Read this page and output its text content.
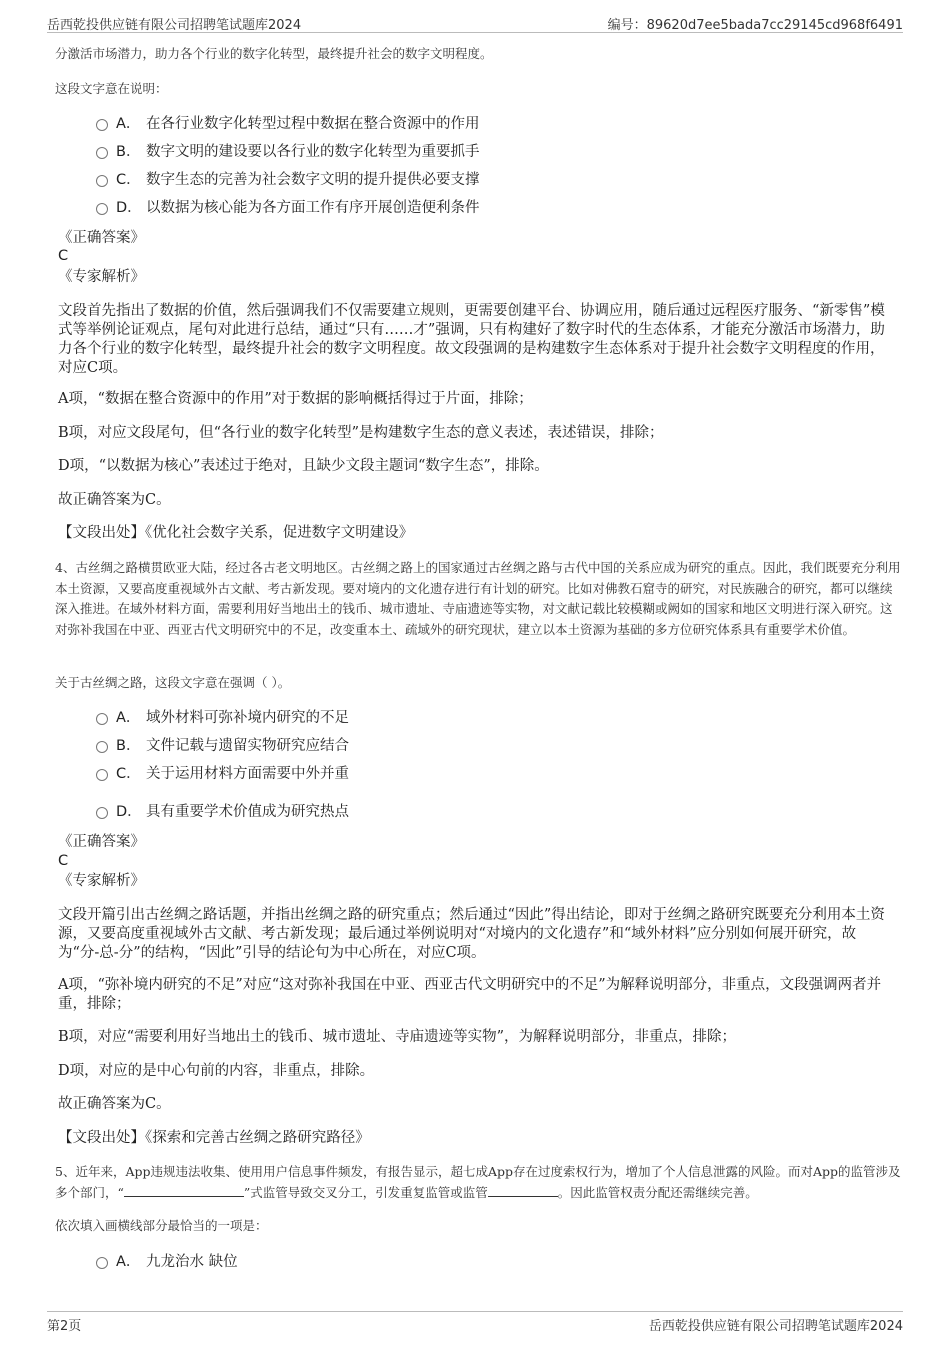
岳西乾投供应链有限公司招聘笔试题库2024	编号：89620d7ee5bada7cc29145cd968f6491
分激活市场潜力，助力各个行业的数字化转型，最终提升社会的数字文明程度。
这段文字意在说明：
A． 在各行业数字化转型过程中数据在整合资源中的作用
B． 数字文明的建设要以各行业的数字化转型为重要抓手
C． 数字生态的完善为社会数字文明的提升提供必要支撑
D． 以数据为核心能为各方面工作有序开展创造便利条件
《正确答案》
C
《专家解析》
文段首先指出了数据的价值，然后强调我们不仅需要建立规则，更需要创建平台、协调应用，随后通过远程医疗服务、“新零售”模式等举例论证观点，尾句对此进行总结，通过“只有……才”强调，只有构建好了数字时代的生态体系，才能充分激活市场潜力，助力各个行业的数字化转型，最终提升社会的数字文明程度。故文段强调的是构建数字生态体系对于提升社会数字文明程度的作用，对应C项。
A项，“数据在整合资源中的作用”对于数据的影响概括得过于片面，排除；
B项，对应文段尾句，但“各行业的数字化转型”是构建数字生态的意义表述，表述错误，排除；
D项，“以数据为核心”表述过于绝对，且缺少文段主题词“数字生态”，排除。
故正确答案为C。
【文段出处】《优化社会数字关系，促进数字文明建设》
4、古丝绸之路横贯欧亚大陆，经过各古老文明地区。古丝绸之路上的国家通过古丝绸之路与古代中国的关系应成为研究的重点。因此，我们既要充分利用本土资源，又要高度重视域外古文献、考古新发现。要对境内的文化遗存进行有计划的研究。比如对佛教石窟寺的研究，对民族融合的研究，都可以继续深入推进。在域外材料方面，需要利用好当地出土的钱币、城市遗址、寺庙遗迹等实物，对文献记载比较模糊或阙如的国家和地区文明进行深入研究。这对弥补我国在中亚、西亚古代文明研究中的不足，改变重本土、疏域外的研究现状，建立以本土资源为基础的多方位研究体系具有重要学术价值。
关于古丝绸之路，这段文字意在强调（ ）。
A． 域外材料可弥补境内研究的不足
B． 文件记载与遗留实物研究应结合
C． 关于运用材料方面需要中外并重
D． 具有重要学术价值成为研究热点
《正确答案》
C
《专家解析》
文段开篇引出古丝绸之路话题，并指出丝绸之路的研究重点；然后通过“因此”得出结论，即对于丝绸之路研究既要充分利用本土资源，又要高度重视域外古文献、考古新发现；最后通过举例说明对“对境内的文化遗存”和“域外材料”应分别如何展开研究，故为“分-总-分”的结构，“因此”引导的结论句为中心所在，对应C项。
A项，“弥补境内研究的不足”对应“这对弥补我国在中亚、西亚古代文明研究中的不足”为解释说明部分，非重点，文段强调两者并重，排除；
B项，对应“需要利用好当地出土的钱币、城市遗址、寺庙遗迹等实物”，为解释说明部分，非重点，排除；
D项，对应的是中心句前的内容，非重点，排除。
故正确答案为C。
【文段出处】《探索和完善古丝绸之路研究路径》
5、近年来，App违规违法收集、使用用户信息事件频发，有报告显示，超七成App存在过度索权行为，增加了个人信息泄露的风险。而对App的监管涉及多个部门，“	”式监管导致交叉分工，引发重复监管或监管	。因此监管权责分配还需继续完善。
依次填入画横线部分最恰当的一项是：
A． 九龙治水 缺位
第2页	岳西乾投供应链有限公司招聘笔试题库2024
